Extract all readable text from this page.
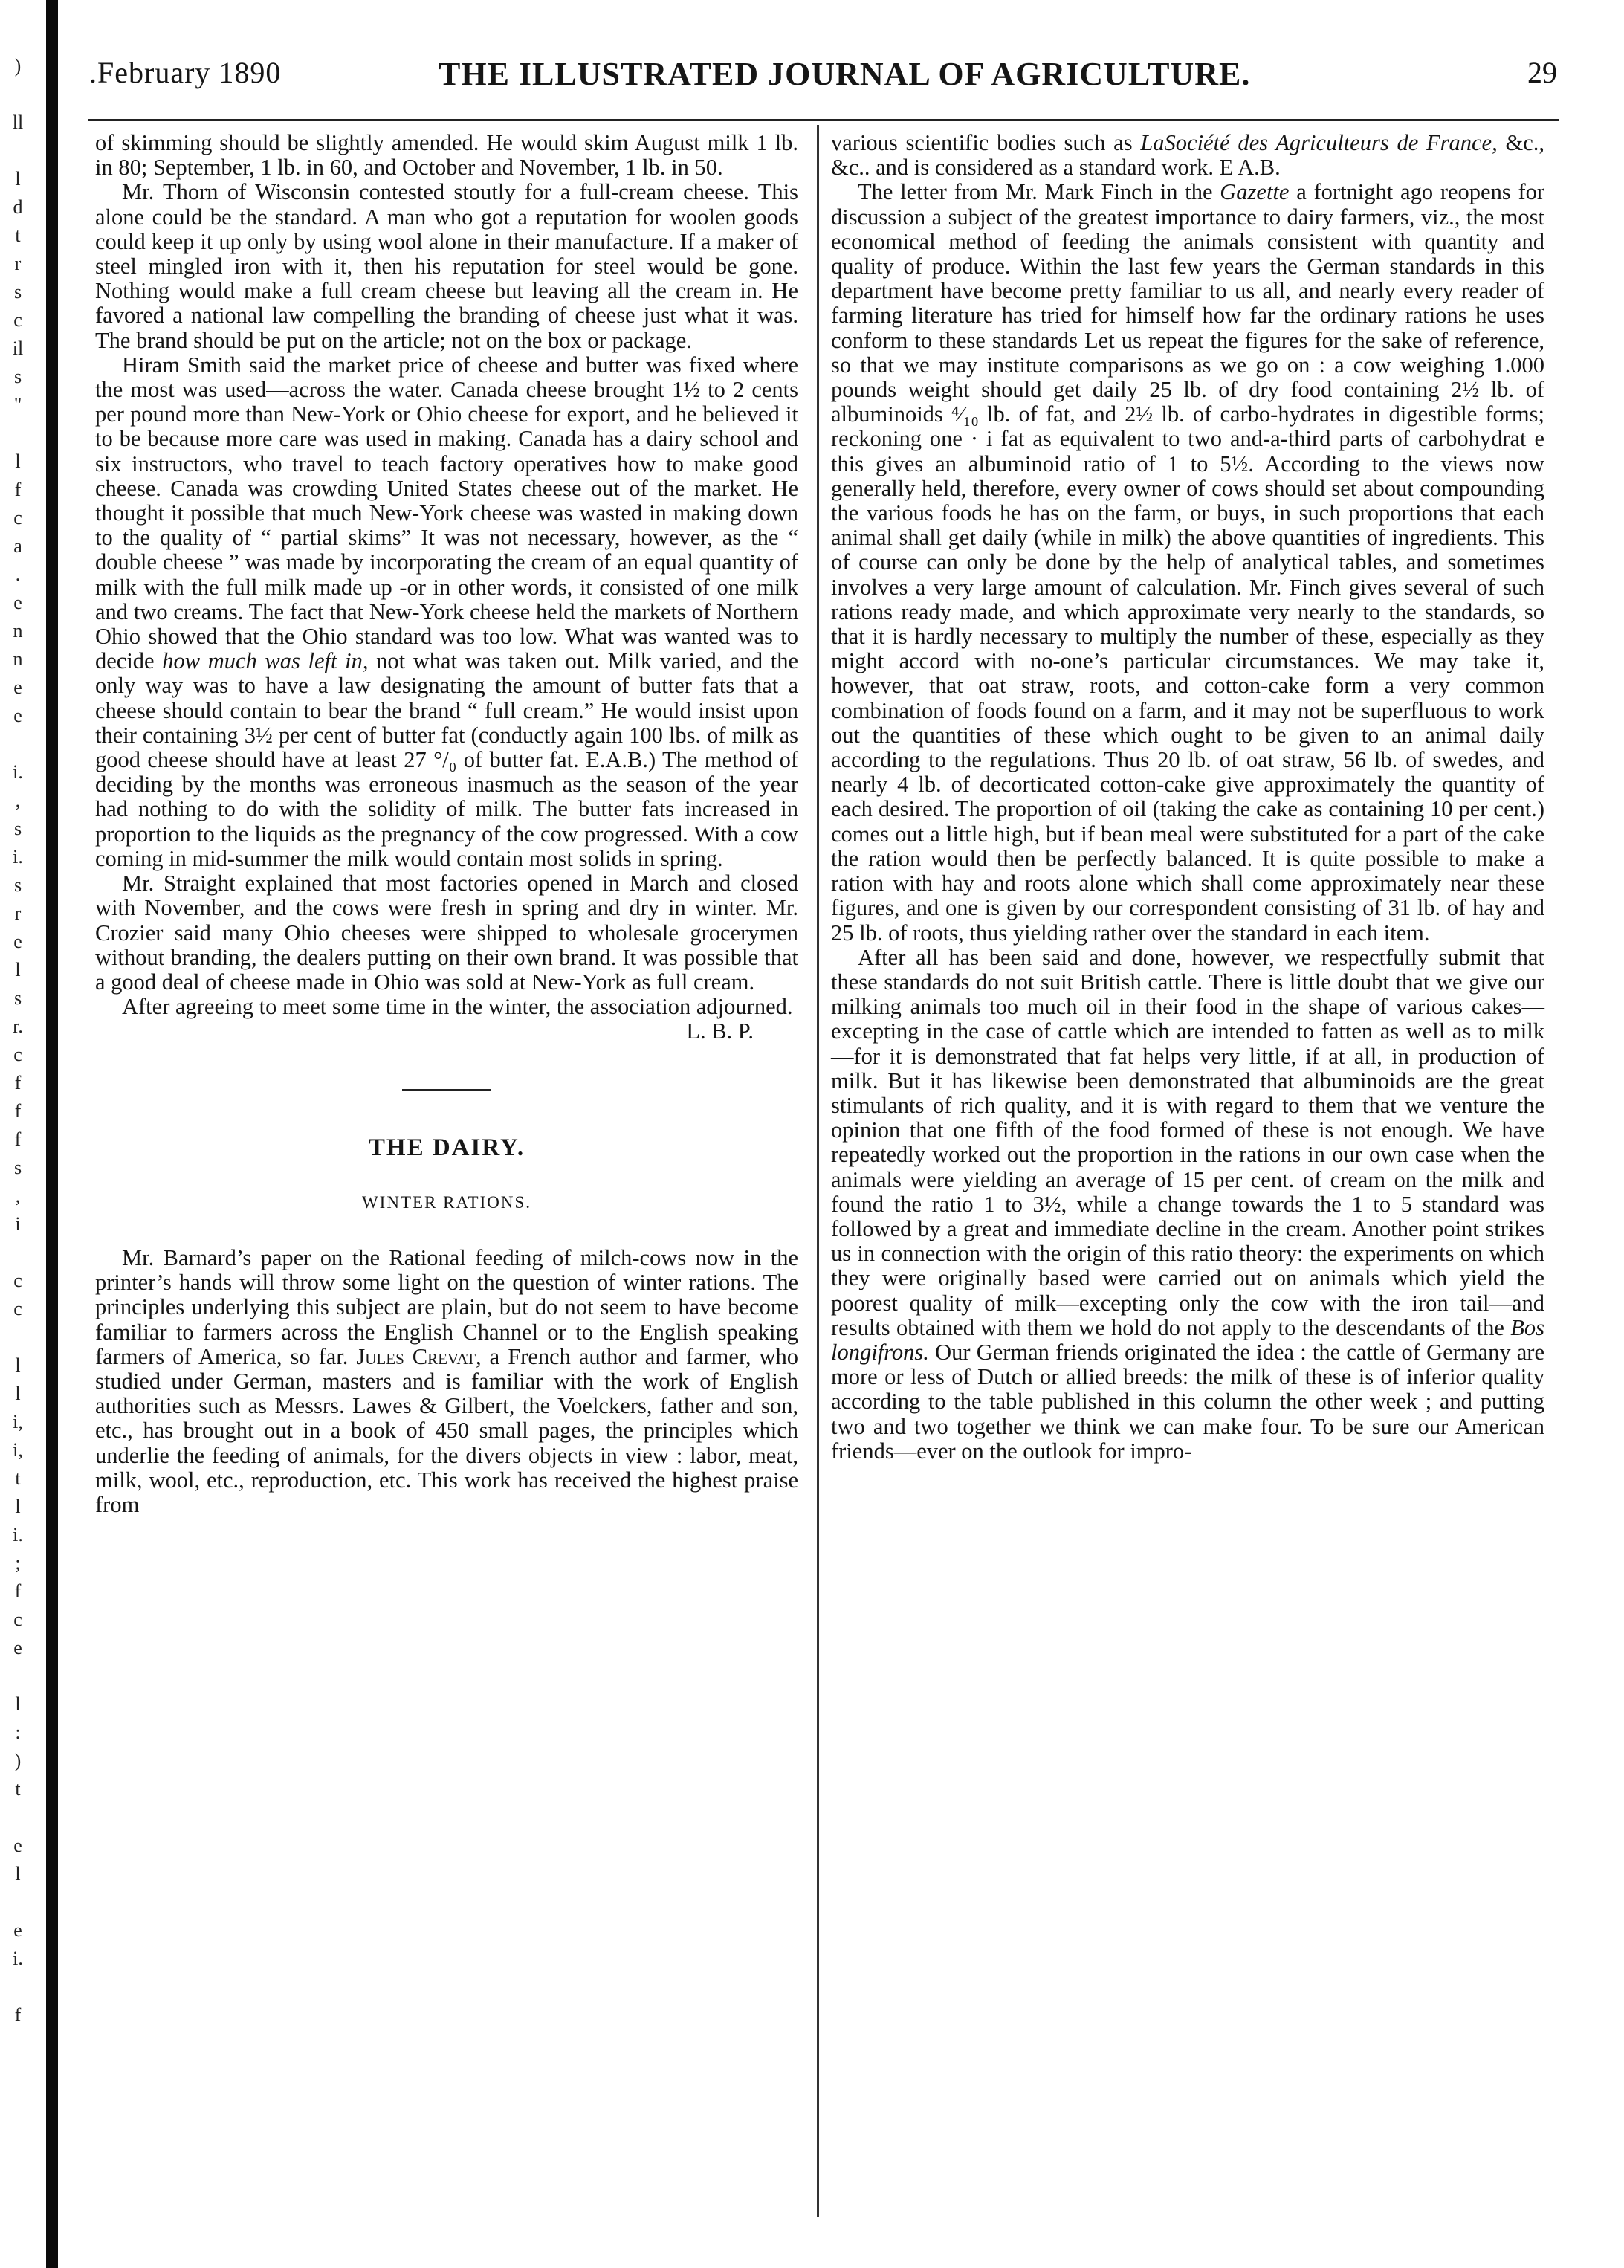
)
ll
l
d
t
r
s
c
il
s
"
l
f
c
a
.
e
n
n
e
e
i.
,
s
i.
s
r
e
l
s
r.
c
f
f
f
s
,
i
c
c
l
l
i,
i,
t
l
i.
;
f
c
e
l
:
)
t
e
l
e
i.
f
.February 1890	THE ILLUSTRATED JOURNAL OF AGRICULTURE.	29

of skimming should be slightly amended. He would skim August milk 1 lb. in 80; September, 1 lb. in 60, and October and November, 1 lb. in 50.

Mr. Thorn of Wisconsin contested stoutly for a full-cream cheese. This alone could be the standard. A man who got a reputation for woolen goods could keep it up only by using wool alone in their manufacture. If a maker of steel mingled iron with it, then his reputation for steel would be gone. Nothing would make a full cream cheese but leaving all the cream in. He favored a national law compelling the branding of cheese just what it was. The brand should be put on the article; not on the box or package.

Hiram Smith said the market price of cheese and butter was fixed where the most was used—across the water. Canada cheese brought 1½ to 2 cents per pound more than New-York or Ohio cheese for export, and he believed it to be because more care was used in making. Canada has a dairy school and six instructors, who travel to teach factory operatives how to make good cheese. Canada was crowding United States cheese out of the market. He thought it possible that much New-York cheese was wasted in making down to the quality of “ partial skims” It was not necessary, however, as the “ double cheese ” was made by incorporating the cream of an equal quantity of milk with the full milk made up -or in other words, it consisted of one milk and two creams. The fact that New-York cheese held the markets of Northern Ohio showed that the Ohio standard was too low. What was wanted was to decide how much was left in, not what was taken out. Milk varied, and the only way was to have a law designating the amount of butter fats that a cheese should contain to bear the brand “ full cream.” He would insist upon their containing 3½ per cent of butter fat (conductly again 100 lbs. of milk as good cheese should have at least 27 °/₀ of butter fat. E.A.B.) The method of deciding by the months was erroneous inasmuch as the season of the year had nothing to do with the solidity of milk. The butter fats increased in proportion to the liquids as the pregnancy of the cow progressed. With a cow coming in mid-summer the milk would contain most solids in spring.

Mr. Straight explained that most factories opened in March and closed with November, and the cows were fresh in spring and dry in winter. Mr. Crozier said many Ohio cheeses were shipped to wholesale grocerymen without branding, the dealers putting on their own brand. It was possible that a good deal of cheese made in Ohio was sold at New-York as full cream.

After agreeing to meet some time in the winter, the association adjourned.

L. B. P.
THE DAIRY.
WINTER RATIONS.

Mr. Barnard’s paper on the Rational feeding of milch-cows now in the printer’s hands will throw some light on the question of winter rations. The principles underlying this subject are plain, but do not seem to have become familiar to farmers across the English Channel or to the English speaking farmers of America, so far. Jules Crevat, a French author and farmer, who studied under German, masters and is familiar with the work of English authorities such as Messrs. Lawes & Gilbert, the Voelckers, father and son, etc., has brought out in a book of 450 small pages, the principles which underlie the feeding of animals, for the divers objects in view : labor, meat, milk, wool, etc., reproduction, etc. This work has received the highest praise from

various scientific bodies such as LaSociété des Agriculteurs de France, &c., &c.. and is considered as a standard work. E A.B.

The letter from Mr. Mark Finch in the Gazette a fortnight ago reopens for discussion a subject of the greatest importance to dairy farmers, viz., the most economical method of feeding the animals consistent with quantity and quality of produce. Within the last few years the German standards in this department have become pretty familiar to us all, and nearly every reader of farming literature has tried for himself how far the ordinary rations he uses conform to these standards Let us repeat the figures for the sake of reference, so that we may institute comparisons as we go on : a cow weighing 1.000 pounds weight should get daily 25 lb. of dry food containing 2½ lb. of albuminoids ⁴⁄₁₀ lb. of fat, and 2½ lb. of carbo-hydrates in digestible forms; reckoning one · i fat as equivalent to two and-a-third parts of carbohydrat e this gives an albuminoid ratio of 1 to 5½. According to the views now generally held, therefore, every owner of cows should set about compounding the various foods he has on the farm, or buys, in such proportions that each animal shall get daily (while in milk) the above quantities of ingredients. This of course can only be done by the help of analytical tables, and sometimes involves a very large amount of calculation. Mr. Finch gives several of such rations ready made, and which approximate very nearly to the standards, so that it is hardly necessary to multiply the number of these, especially as they might accord with no-one’s particular circumstances. We may take it, however, that oat straw, roots, and cotton-cake form a very common combination of foods found on a farm, and it may not be superfluous to work out the quantities of these which ought to be given to an animal daily according to the regulations. Thus 20 lb. of oat straw, 56 lb. of swedes, and nearly 4 lb. of decorticated cotton-cake give approximately the quantity of each desired. The proportion of oil (taking the cake as containing 10 per cent.) comes out a little high, but if bean meal were substituted for a part of the cake the ration would then be perfectly balanced. It is quite possible to make a ration with hay and roots alone which shall come approximately near these figures, and one is given by our correspondent consisting of 31 lb. of hay and 25 lb. of roots, thus yielding rather over the standard in each item.

After all has been said and done, however, we respectfully submit that these standards do not suit British cattle. There is little doubt that we give our milking animals too much oil in their food in the shape of various cakes—excepting in the case of cattle which are intended to fatten as well as to milk—for it is demonstrated that fat helps very little, if at all, in production of milk. But it has likewise been demonstrated that albuminoids are the great stimulants of rich quality, and it is with regard to them that we venture the opinion that one fifth of the food formed of these is not enough. We have repeatedly worked out the proportion in the rations in our own case when the animals were yielding an average of 15 per cent. of cream on the milk and found the ratio 1 to 3½, while a change towards the 1 to 5 standard was followed by a great and immediate decline in the cream. Another point strikes us in connection with the origin of this ratio theory: the experiments on which they were originally based were carried out on animals which yield the poorest quality of milk—excepting only the cow with the iron tail—and results obtained with them we hold do not apply to the descendants of the Bos longifrons. Our German friends originated the idea : the cattle of Germany are more or less of Dutch or allied breeds: the milk of these is of inferior quality according to the table published in this column the other week ; and putting two and two together we think we can make four. To be sure our American friends—ever on the outlook for impro-
